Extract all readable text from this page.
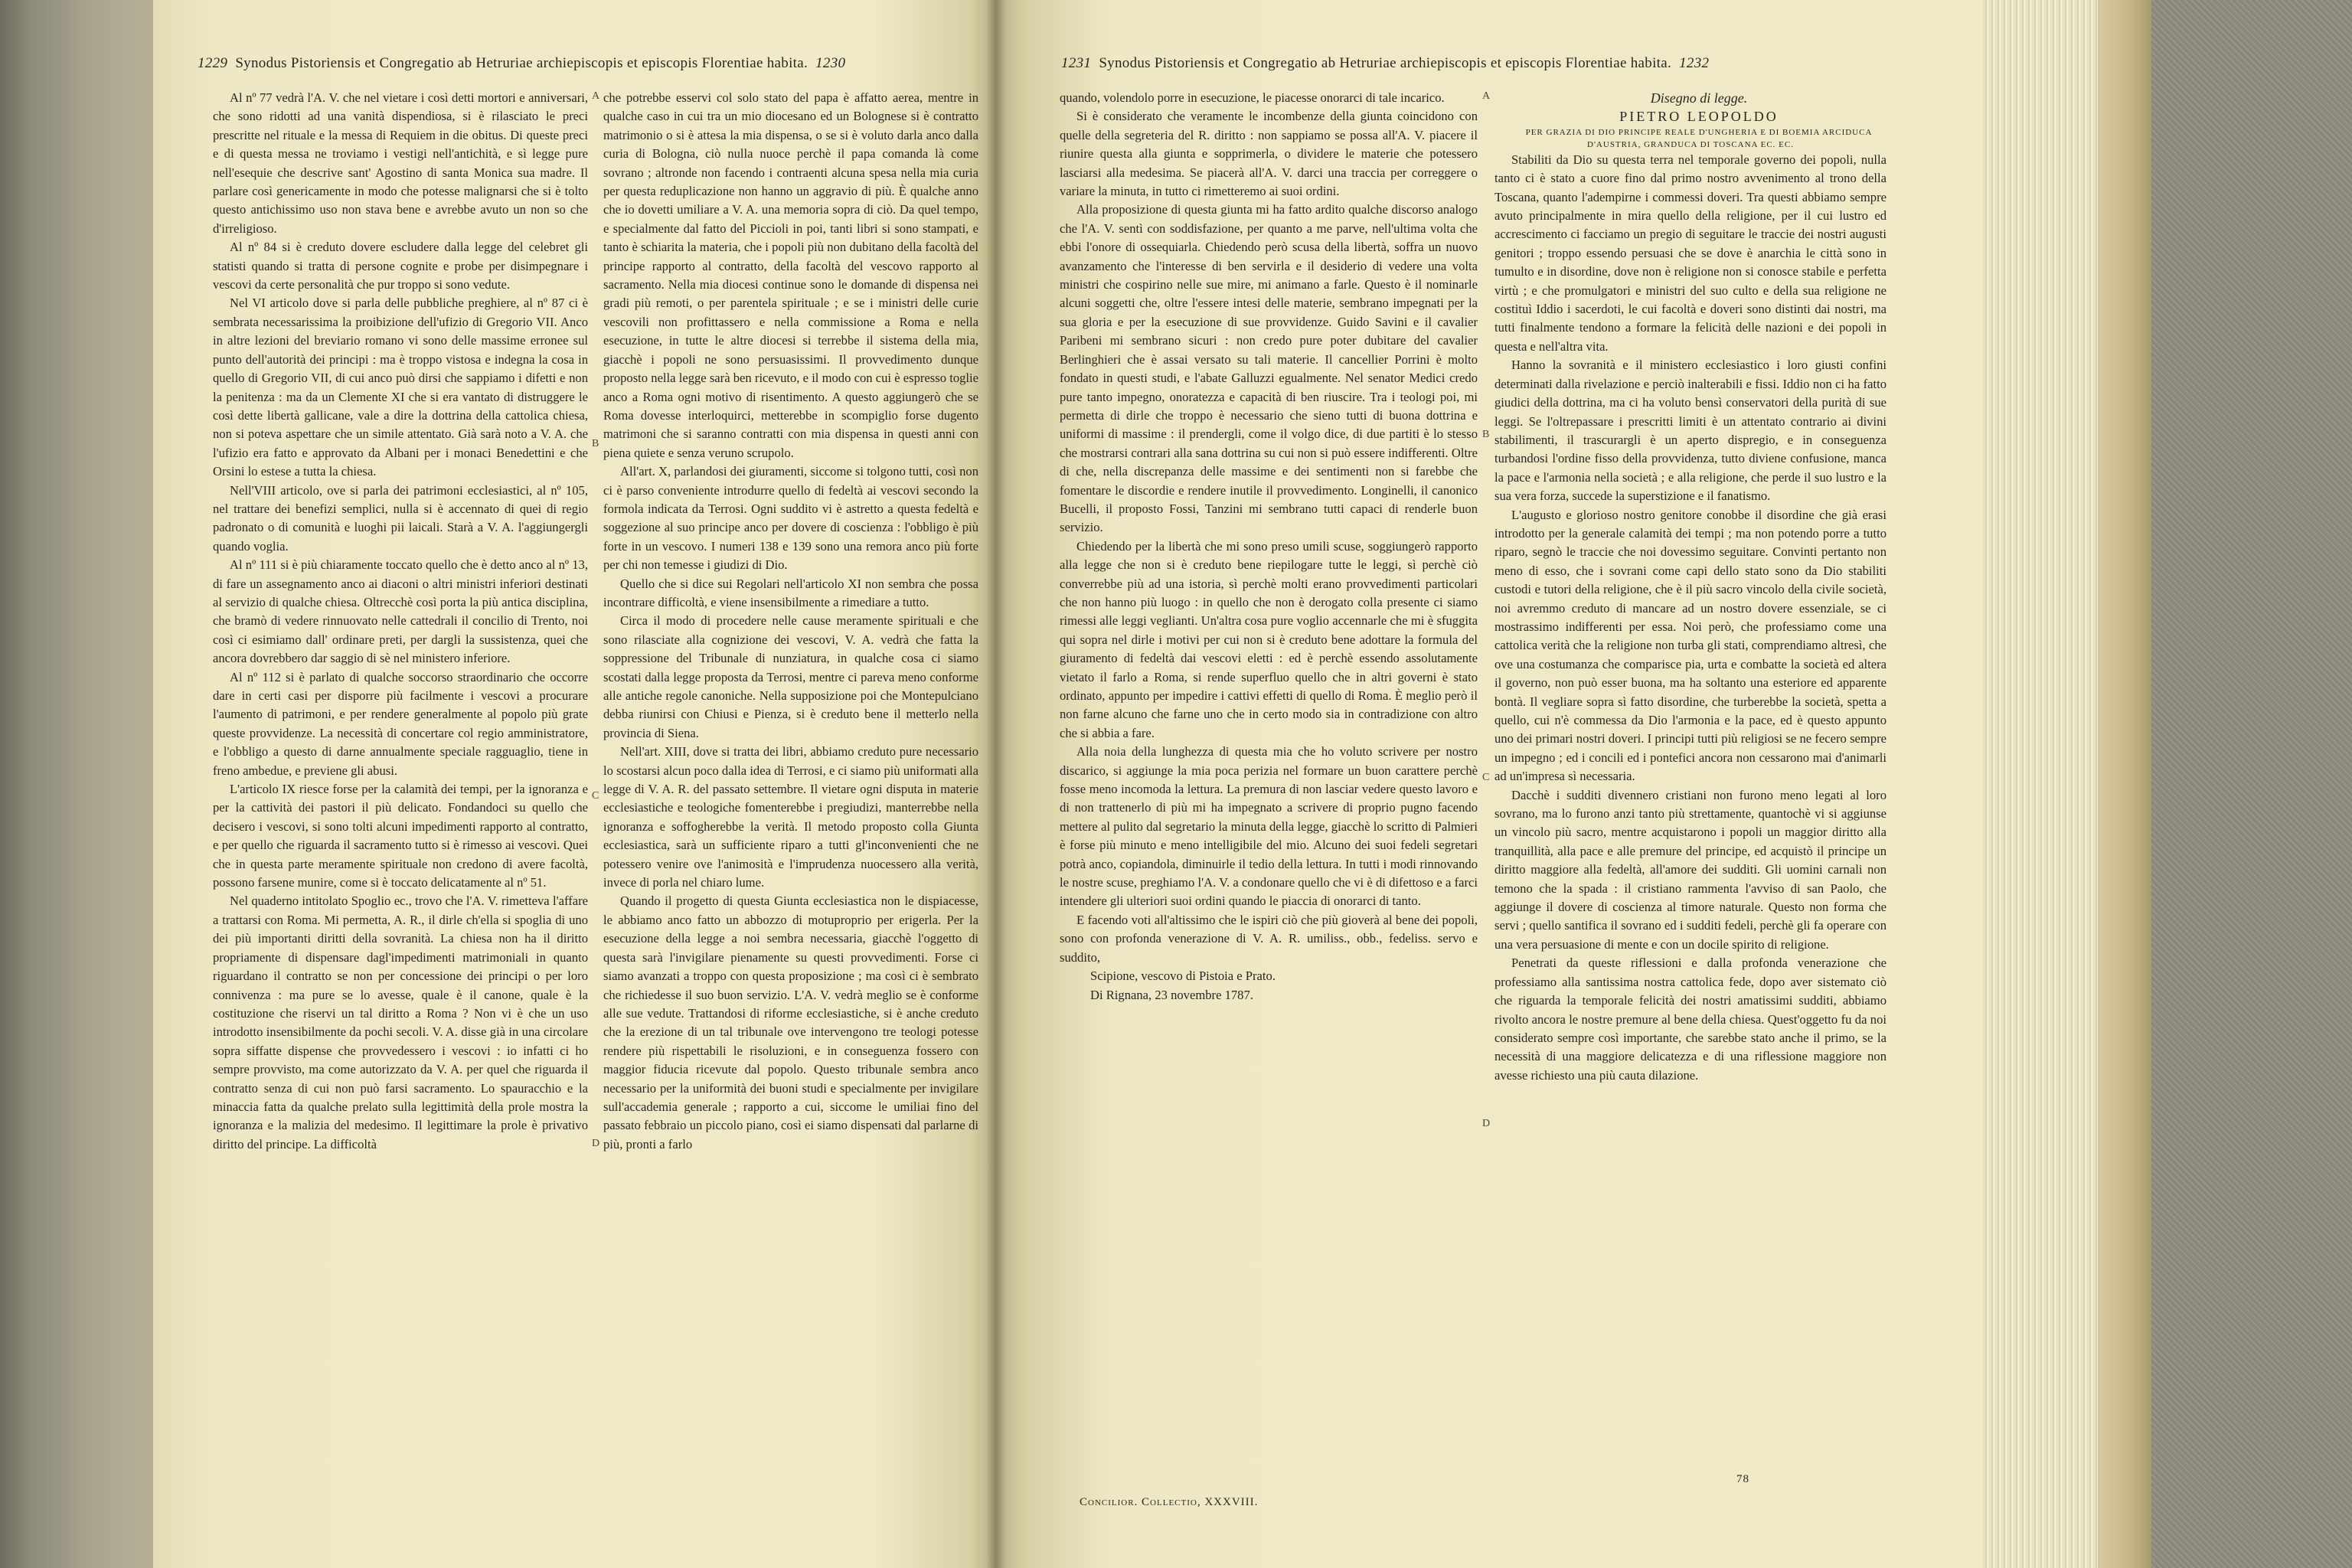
1229 Synodus Pistoriensis et Congregatio ab Hetruriae archiepiscopis et episcopis Florentiae habita. 1230

Al nº 77 vedrà l'A. V. che nel vietare i così detti mortori e anniversari, che sono ridotti ad una vanità dispendiosa, si è rilasciato le preci prescritte nel rituale e la messa di Requiem in die obitus. Di queste preci e di questa messa ne troviamo i vestigi nell'antichità, e sì legge pure nell'esequie che descrive sant' Agostino di santa Monica sua madre. Il parlare così genericamente in modo che potesse malignarsi che si è tolto questo antichissimo uso non stava bene e avrebbe avuto un non so che d'irreligioso.

Al nº 84 si è creduto dovere escludere dalla legge del celebret gli statisti quando si tratta di persone cognite e probe per disimpegnare i vescovi da certe personalità che pur troppo si sono vedute.

Nel VI articolo dove si parla delle pubbliche preghiere, al nº 87 ci è sembrata necessarissima la proibizione dell'ufizio di Gregorio VII. Anco in altre lezioni del breviario romano vi sono delle massime erronee sul punto dell'autorità dei principi : ma è troppo vistosa e indegna la cosa in quello di Gregorio VII, di cui anco può dirsi che sappiamo i difetti e non la penitenza : ma da un Clemente XI che si era vantato di distruggere le così dette libertà gallicane, vale a dire la dottrina della cattolica chiesa, non si poteva aspettare che un simile attentato. Già sarà noto a V. A. che l'ufizio era fatto e approvato da Albani per i monaci Benedettini e che Orsini lo estese a tutta la chiesa.

Nell'VIII articolo, ove si parla dei patrimoni ecclesiastici, al nº 105, nel trattare dei benefizi semplici, nulla si è accennato di quei di regio padronato o di comunità e luoghi pii laicali. Starà a V. A. l'aggiungergli quando voglia.

Al nº 111 si è più chiaramente toccato quello che è detto anco al nº 13, di fare un assegnamento anco ai diaconi o altri ministri inferiori destinati al servizio di qualche chiesa. Oltrecchè così porta la più antica disciplina, che bramò di vedere rinnuovato nelle cattedrali il concilio di Trento, noi così ci esimiamo dall' ordinare preti, per dargli la sussistenza, quei che ancora dovrebbero dar saggio di sè nel ministero inferiore.

Al nº 112 si è parlato di qualche soccorso straordinario che occorre dare in certi casi per disporre più facilmente i vescovi a procurare l'aumento di patrimoni, e per rendere generalmente al popolo più grate queste provvidenze. La necessità di concertare col regio amministratore, e l'obbligo a questo di darne annualmente speciale ragguaglio, tiene in freno ambedue, e previene gli abusi.

L'articolo IX riesce forse per la calamità dei tempi, per la ignoranza e per la cattività dei pastori il più delicato. Fondandoci su quello che decisero i vescovi, si sono tolti alcuni impedimenti rapporto al contratto, e per quello che riguarda il sacramento tutto si è rimesso ai vescovi. Quei che in questa parte meramente spirituale non credono di avere facoltà, possono farsene munire, come si è toccato delicatamente al nº 51.

Nel quaderno intitolato Spoglio ec., trovo che l'A. V. rimetteva l'affare a trattarsi con Roma. Mi permetta, A. R., il dirle ch'ella si spoglia di uno dei più importanti diritti della sovranità. La chiesa non ha il diritto propriamente di dispensare dagl'impedimenti matrimoniali in quanto riguardano il contratto se non per concessione dei principi o per loro connivenza : ma pure se lo avesse, quale è il canone, quale è la costituzione che riservi un tal diritto a Roma ? Non vi è che un uso introdotto insensibilmente da pochi secoli. V. A. disse già in una circolare sopra siffatte dispense che provvedessero i vescovi : io infatti ci ho sempre provvisto, ma come autorizzato da V. A. per quel che riguarda il contratto senza di cui non può farsi sacramento. Lo spauracchio e la minaccia fatta da qualche prelato sulla legittimità della prole mostra la ignoranza e la malizia del medesimo. Il legittimare la prole è privativo diritto del principe. La difficoltà

A
B
C
D

che potrebbe esservi col solo stato del papa è affatto aerea, mentre in qualche caso in cui tra un mio diocesano ed un Bolognese si è contratto matrimonio o si è attesa la mia dispensa, o se si è voluto darla anco dalla curia di Bologna, ciò nulla nuoce perchè il papa comanda là come sovrano ; altronde non facendo i contraenti alcuna spesa nella mia curia per questa reduplicazione non hanno un aggravio di più. È qualche anno che io dovetti umiliare a V. A. una memoria sopra di ciò. Da quel tempo, e specialmente dal fatto del Piccioli in poi, tanti libri si sono stampati, e tanto è schiarita la materia, che i popoli più non dubitano della facoltà del principe rapporto al contratto, della facoltà del vescovo rapporto al sacramento. Nella mia diocesi continue sono le domande di dispensa nei gradi più remoti, o per parentela spirituale ; e se i ministri delle curie vescovili non profittassero e nella commissione a Roma e nella esecuzione, in tutte le altre diocesi si terrebbe il sistema della mia, giacchè i popoli ne sono persuasissimi. Il provvedimento dunque proposto nella legge sarà ben ricevuto, e il modo con cui è espresso toglie anco a Roma ogni motivo di risentimento. A questo aggiungerò che se Roma dovesse interloquirci, metterebbe in scompiglio forse dugento matrimoni che si saranno contratti con mia dispensa in questi anni con piena quiete e senza veruno scrupolo.

All'art. X, parlandosi dei giuramenti, siccome si tolgono tutti, così non ci è parso conveniente introdurre quello di fedeltà ai vescovi secondo la formola indicata da Terrosi. Ogni suddito vi è astretto a questa fedeltà e soggezione al suo principe anco per dovere di coscienza : l'obbligo è più forte in un vescovo. I numeri 138 e 139 sono una remora anco più forte per chi non temesse i giudizi di Dio.

Quello che si dice sui Regolari nell'articolo XI non sembra che possa incontrare difficoltà, e viene insensibilmente a rimediare a tutto.

Circa il modo di procedere nelle cause meramente spirituali e che sono rilasciate alla cognizione dei vescovi, V. A. vedrà che fatta la soppressione del Tribunale di nunziatura, in qualche cosa ci siamo scostati dalla legge proposta da Terrosi, mentre ci pareva meno conforme alle antiche regole canoniche. Nella supposizione poi che Montepulciano debba riunirsi con Chiusi e Pienza, si è creduto bene il metterlo nella provincia di Siena.

Nell'art. XIII, dove si tratta dei libri, abbiamo creduto pure necessario lo scostarsi alcun poco dalla idea di Terrosi, e ci siamo più uniformati alla legge di V. A. R. del passato settembre. Il vietare ogni disputa in materie ecclesiastiche e teologiche fomenterebbe i pregiudizi, manterrebbe nella ignoranza e soffogherebbe la verità. Il metodo proposto colla Giunta ecclesiastica, sarà un sufficiente riparo a tutti gl'inconvenienti che ne potessero venire ove l'animosità e l'imprudenza nuocessero alla verità, invece di porla nel chiaro lume.

Quando il progetto di questa Giunta ecclesiastica non le dispiacesse, le abbiamo anco fatto un abbozzo di motuproprio per erigerla. Per la esecuzione della legge a noi sembra necessaria, giacchè l'oggetto di questa sarà l'invigilare pienamente su questi provvedimenti. Forse ci siamo avanzati a troppo con questa proposizione ; ma così ci è sembrato che richiedesse il suo buon servizio. L'A. V. vedrà meglio se è conforme alle sue vedute. Trattandosi di riforme ecclesiastiche, si è anche creduto che la erezione di un tal tribunale ove intervengono tre teologi potesse rendere più rispettabili le risoluzioni, e in conseguenza fossero con maggior fiducia ricevute dal popolo. Questo tribunale sembra anco necessario per la uniformità dei buoni studi e specialmente per invigilare sull'accademia generale ; rapporto a cui, siccome le umiliai fino del passato febbraio un piccolo piano, così ei siamo dispensati dal parlarne di più, pronti a farlo

1231 Synodus Pistoriensis et Congregatio ab Hetruriae archiepiscopis et episcopis Florentiae habita. 1232

quando, volendolo porre in esecuzione, le piacesse onorarci di tale incarico.

Si è considerato che veramente le incombenze della giunta coincidono con quelle della segreteria del R. diritto : non sappiamo se possa all'A. V. piacere il riunire questa alla giunta e sopprimerla, o dividere le materie che potessero lasciarsi alla medesima. Se piacerà all'A. V. darci una traccia per correggere o variare la minuta, in tutto ci rimetteremo ai suoi ordini.

Alla proposizione di questa giunta mi ha fatto ardito qualche discorso analogo che l'A. V. sentì con soddisfazione, per quanto a me parve, nell'ultima volta che ebbi l'onore di ossequiarla. Chiedendo però scusa della libertà, soffra un nuovo avanzamento che l'interesse di ben servirla e il desiderio di vedere una volta ministri che cospirino nelle sue mire, mi animano a farle. Questo è il nominarle alcuni soggetti che, oltre l'essere intesi delle materie, sembrano impegnati per la sua gloria e per la esecuzione di sue provvidenze. Guido Savini e il cavalier Paribeni mi sembrano sicuri : non credo pure poter dubitare del cavalier Berlinghieri che è assai versato su tali materie. Il cancellier Porrini è molto fondato in questi studi, e l'abate Galluzzi egualmente. Nel senator Medici credo pure tanto impegno, onoratezza e capacità di ben riuscire. Tra i teologi poi, mi permetta di dirle che troppo è necessario che sieno tutti di buona dottrina e uniformi di massime : il prendergli, come il volgo dice, di due partiti è lo stesso che mostrarsi contrari alla sana dottrina su cui non si può essere indifferenti. Oltre di che, nella discrepanza delle massime e dei sentimenti non si farebbe che fomentare le discordie e rendere inutile il provvedimento. Longinelli, il canonico Bucelli, il proposto Fossi, Tanzini mi sembrano tutti capaci di renderle buon servizio.

Chiedendo per la libertà che mi sono preso umili scuse, soggiungerò rapporto alla legge che non si è creduto bene riepilogare tutte le leggi, sì perchè ciò converrebbe più ad una istoria, sì perchè molti erano provvedimenti particolari che non hanno più luogo : in quello che non è derogato colla presente ci siamo rimessi alle leggi veglianti. Un'altra cosa pure voglio accennarle che mi è sfuggita qui sopra nel dirle i motivi per cui non si è creduto bene adottare la formula del giuramento di fedeltà dai vescovi eletti : ed è perchè essendo assolutamente vietato il farlo a Roma, si rende superfluo quello che in altri governi è stato ordinato, appunto per impedire i cattivi effetti di quello di Roma. È meglio però il non farne alcuno che farne uno che in certo modo sia in contradizione con altro che si abbia a fare.

Alla noia della lunghezza di questa mia che ho voluto scrivere per nostro discarico, si aggiunge la mia poca perizia nel formare un buon carattere perchè fosse meno incomoda la lettura. La premura di non lasciar vedere questo lavoro e di non trattenerlo di più mi ha impegnato a scrivere di proprio pugno facendo mettere al pulito dal segretario la minuta della legge, giacchè lo scritto di Palmieri è forse più minuto e meno intelligibile del mio. Alcuno dei suoi fedeli segretari potrà anco, copiandola, diminuirle il tedio della lettura. In tutti i modi rinnovando le nostre scuse, preghiamo l'A. V. a condonare quello che vi è di difettoso e a farci intendere gli ulteriori suoi ordini quando le piaccia di onorarci di tanto.

E facendo voti all'altissimo che le ispiri ciò che più gioverà al bene dei popoli, sono con profonda venerazione di V. A. R. umiliss., obb., fedeliss. servo e suddito,

Scipione, vescovo di Pistoia e Prato.

Di Rignana, 23 novembre 1787.

A
B
C
D

Disegno di legge.

PIETRO LEOPOLDO

PER GRAZIA DI DIO PRINCIPE REALE D'UNGHERIA E DI BOEMIA ARCIDUCA D'AUSTRIA, GRANDUCA DI TOSCANA EC. EC.

Stabiliti da Dio su questa terra nel temporale governo dei popoli, nulla tanto ci è stato a cuore fino dal primo nostro avvenimento al trono della Toscana, quanto l'adempirne i commessi doveri. Tra questi abbiamo sempre avuto principalmente in mira quello della religione, per il cui lustro ed accrescimento ci facciamo un pregio di seguitare le traccie dei nostri augusti genitori ; troppo essendo persuasi che se dove è anarchia le città sono in tumulto e in disordine, dove non è religione non si conosce stabile e perfetta virtù ; e che promulgatori e ministri del suo culto e della sua religione ne costituì Iddio i sacerdoti, le cui facoltà e doveri sono distinti dai nostri, ma tutti finalmente tendono a formare la felicità delle nazioni e dei popoli in questa e nell'altra vita.

Hanno la sovranità e il ministero ecclesiastico i loro giusti confini determinati dalla rivelazione e perciò inalterabili e fissi. Iddio non ci ha fatto giudici della dottrina, ma ci ha voluto bensì conservatori della purità di sue leggi. Se l'oltrepassare i prescritti limiti è un attentato contrario ai divini stabilimenti, il trascurargli è un aperto dispregio, e in conseguenza turbandosi l'ordine fisso della provvidenza, tutto diviene confusione, manca la pace e l'armonia nella società ; e alla religione, che perde il suo lustro e la sua vera forza, succede la superstizione e il fanatismo.

L'augusto e glorioso nostro genitore conobbe il disordine che già erasi introdotto per la generale calamità dei tempi ; ma non potendo porre a tutto riparo, segnò le traccie che noi dovessimo seguitare. Convinti pertanto non meno di esso, che i sovrani come capi dello stato sono da Dio stabiliti custodi e tutori della religione, che è il più sacro vincolo della civile società, noi avremmo creduto di mancare ad un nostro dovere essenziale, se ci mostrassimo indifferenti per essa. Noi però, che professiamo come una cattolica verità che la religione non turba gli stati, comprendiamo altresì, che ove una costumanza che comparisce pia, urta e combatte la società ed altera il governo, non può esser buona, ma ha soltanto una esteriore ed apparente bontà. Il vegliare sopra sì fatto disordine, che turberebbe la società, spetta a quello, cui n'è commessa da Dio l'armonia e la pace, ed è questo appunto uno dei primari nostri doveri. I principi tutti più religiosi se ne fecero sempre un impegno ; ed i concili ed i pontefici ancora non cessarono mai d'animarli ad un'impresa sì necessaria.

Dacchè i sudditi divennero cristiani non furono meno legati al loro sovrano, ma lo furono anzi tanto più strettamente, quantochè vi si aggiunse un vincolo più sacro, mentre acquistarono i popoli un maggior diritto alla tranquillità, alla pace e alle premure del principe, ed acquistò il principe un diritto maggiore alla fedeltà, all'amore dei sudditi. Gli uomini carnali non temono che la spada : il cristiano rammenta l'avviso di san Paolo, che aggiunge il dovere di coscienza al timore naturale. Questo non forma che servi ; quello santifica il sovrano ed i sudditi fedeli, perchè gli fa operare con una vera persuasione di mente e con un docile spirito di religione.

Penetrati da queste riflessioni e dalla profonda venerazione che professiamo alla santissima nostra cattolica fede, dopo aver sistemato ciò che riguarda la temporale felicità dei nostri amatissimi sudditi, abbiamo rivolto ancora le nostre premure al bene della chiesa. Quest'oggetto fu da noi considerato sempre così importante, che sarebbe stato anche il primo, se la necessità di una maggiore delicatezza e di una riflessione maggiore non avesse richiesto una più cauta dilazione.

Concilior. Collectio, XXXVIII.
78
